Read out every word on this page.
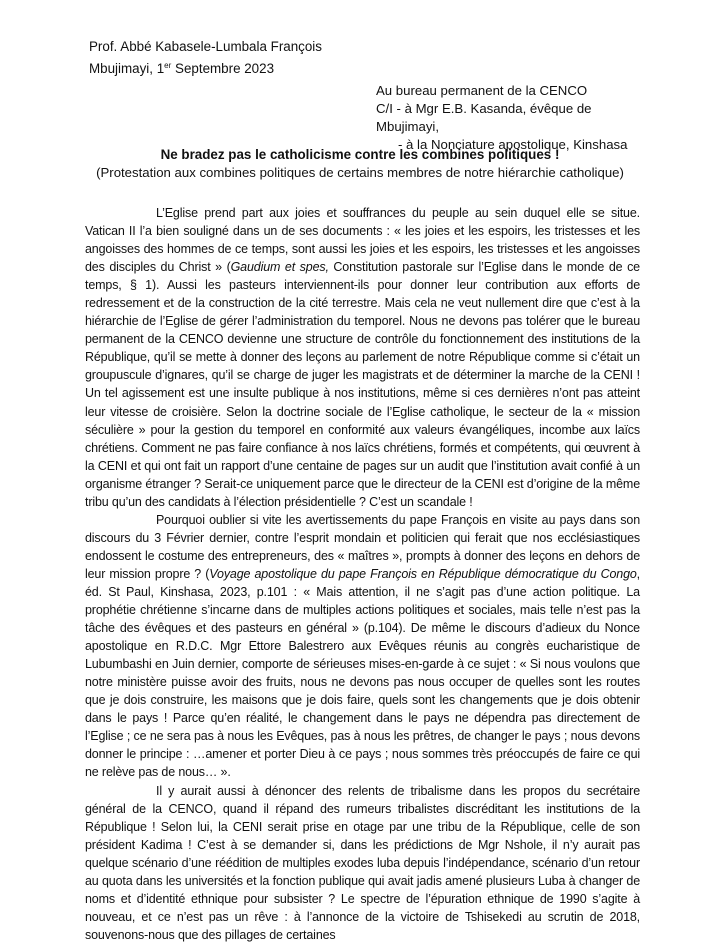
Prof. Abbé Kabasele-Lumbala François
Mbujimayi, 1er Septembre 2023
Au bureau permanent de la CENCO
C/I - à Mgr E.B. Kasanda, évêque de
Mbujimayi,
- à la Nonciature apostolique, Kinshasa
Ne bradez pas le catholicisme contre les combines politiques !
(Protestation aux combines politiques de certains membres de notre hiérarchie catholique)

L’Eglise prend part aux joies et souffrances du peuple au sein duquel elle se situe. Vatican II l’a bien souligné dans un de ses documents : « les joies et les espoirs, les tristesses et les angoisses des hommes de ce temps, sont aussi les joies et les espoirs, les tristesses et les angoisses des disciples du Christ » (Gaudium et spes, Constitution pastorale sur l’Eglise dans le monde de ce temps, § 1). Aussi les pasteurs interviennent-ils pour donner leur contribution aux efforts de redressement et de la construction de la cité terrestre. Mais cela ne veut nullement dire que c’est à la hiérarchie de l’Eglise de gérer l’administration du temporel. Nous ne devons pas tolérer que le bureau permanent de la CENCO devienne une structure de contrôle du fonctionnement des institutions de la République, qu’il se mette à donner des leçons au parlement de notre République comme si c’était un groupuscule d’ignares, qu’il se charge de juger les magistrats et de déterminer la marche de la CENI ! Un tel agissement est une insulte publique à nos institutions, même si ces dernières n’ont pas atteint leur vitesse de croisière. Selon la doctrine sociale de l’Eglise catholique, le secteur de la « mission séculière » pour la gestion du temporel en conformité aux valeurs évangéliques, incombe aux laïcs chrétiens. Comment ne pas faire confiance à nos laïcs chrétiens, formés et compétents, qui œuvrent à la CENI et qui ont fait un rapport d’une centaine de pages sur un audit que l’institution avait confié à un organisme étranger ? Serait-ce uniquement parce que le directeur de la CENI est d’origine de la même tribu qu’un des candidats à l’élection présidentielle ? C’est un scandale !

Pourquoi oublier si vite les avertissements du pape François en visite au pays dans son discours du 3 Février dernier, contre l’esprit mondain et politicien qui ferait que nos ecclésiastiques endossent le costume des entrepreneurs, des « maîtres », prompts à donner des leçons en dehors de leur mission propre ? (Voyage apostolique du pape François en République démocratique du Congo, éd. St Paul, Kinshasa, 2023, p.101 : « Mais attention, il ne s’agit pas d’une action politique. La prophétie chrétienne s’incarne dans de multiples actions politiques et sociales, mais telle n’est pas la tâche des évêques et des pasteurs en général » (p.104). De même le discours d’adieux du Nonce apostolique en R.D.C. Mgr Ettore Balestrero aux Evêques réunis au congrès eucharistique de Lubumbashi en Juin dernier, comporte de sérieuses mises-en-garde à ce sujet : « Si nous voulons que notre ministère puisse avoir des fruits, nous ne devons pas nous occuper de quelles sont les routes que je dois construire, les maisons que je dois faire, quels sont les changements que je dois obtenir dans le pays ! Parce qu’en réalité, le changement dans le pays ne dépendra pas directement de l’Eglise ; ce ne sera pas à nous les Evêques, pas à nous les prêtres, de changer le pays ; nous devons donner le principe : …amener et porter Dieu à ce pays ; nous sommes très préoccupés de faire ce qui ne relève pas de nous… ».

Il y aurait aussi à dénoncer des relents de tribalisme dans les propos du secrétaire général de la CENCO, quand il répand des rumeurs tribalistes discréditant les institutions de la République ! Selon lui, la CENI serait prise en otage par une tribu de la République, celle de son président Kadima ! C’est à se demander si, dans les prédictions de Mgr Nshole, il n’y aurait pas quelque scénario d’une réédition de multiples exodes luba depuis l’indépendance, scénario d’un retour au quota dans les universités et la fonction publique qui avait jadis amené plusieurs Luba à changer de noms et d’identité ethnique pour subsister ? Le spectre de l’épuration ethnique de 1990 s’agite à nouveau, et ce n’est pas un rêve : à l’annonce de la victoire de Tshisekedi au scrutin de 2018, souvenons-nous que des pillages de certaines
